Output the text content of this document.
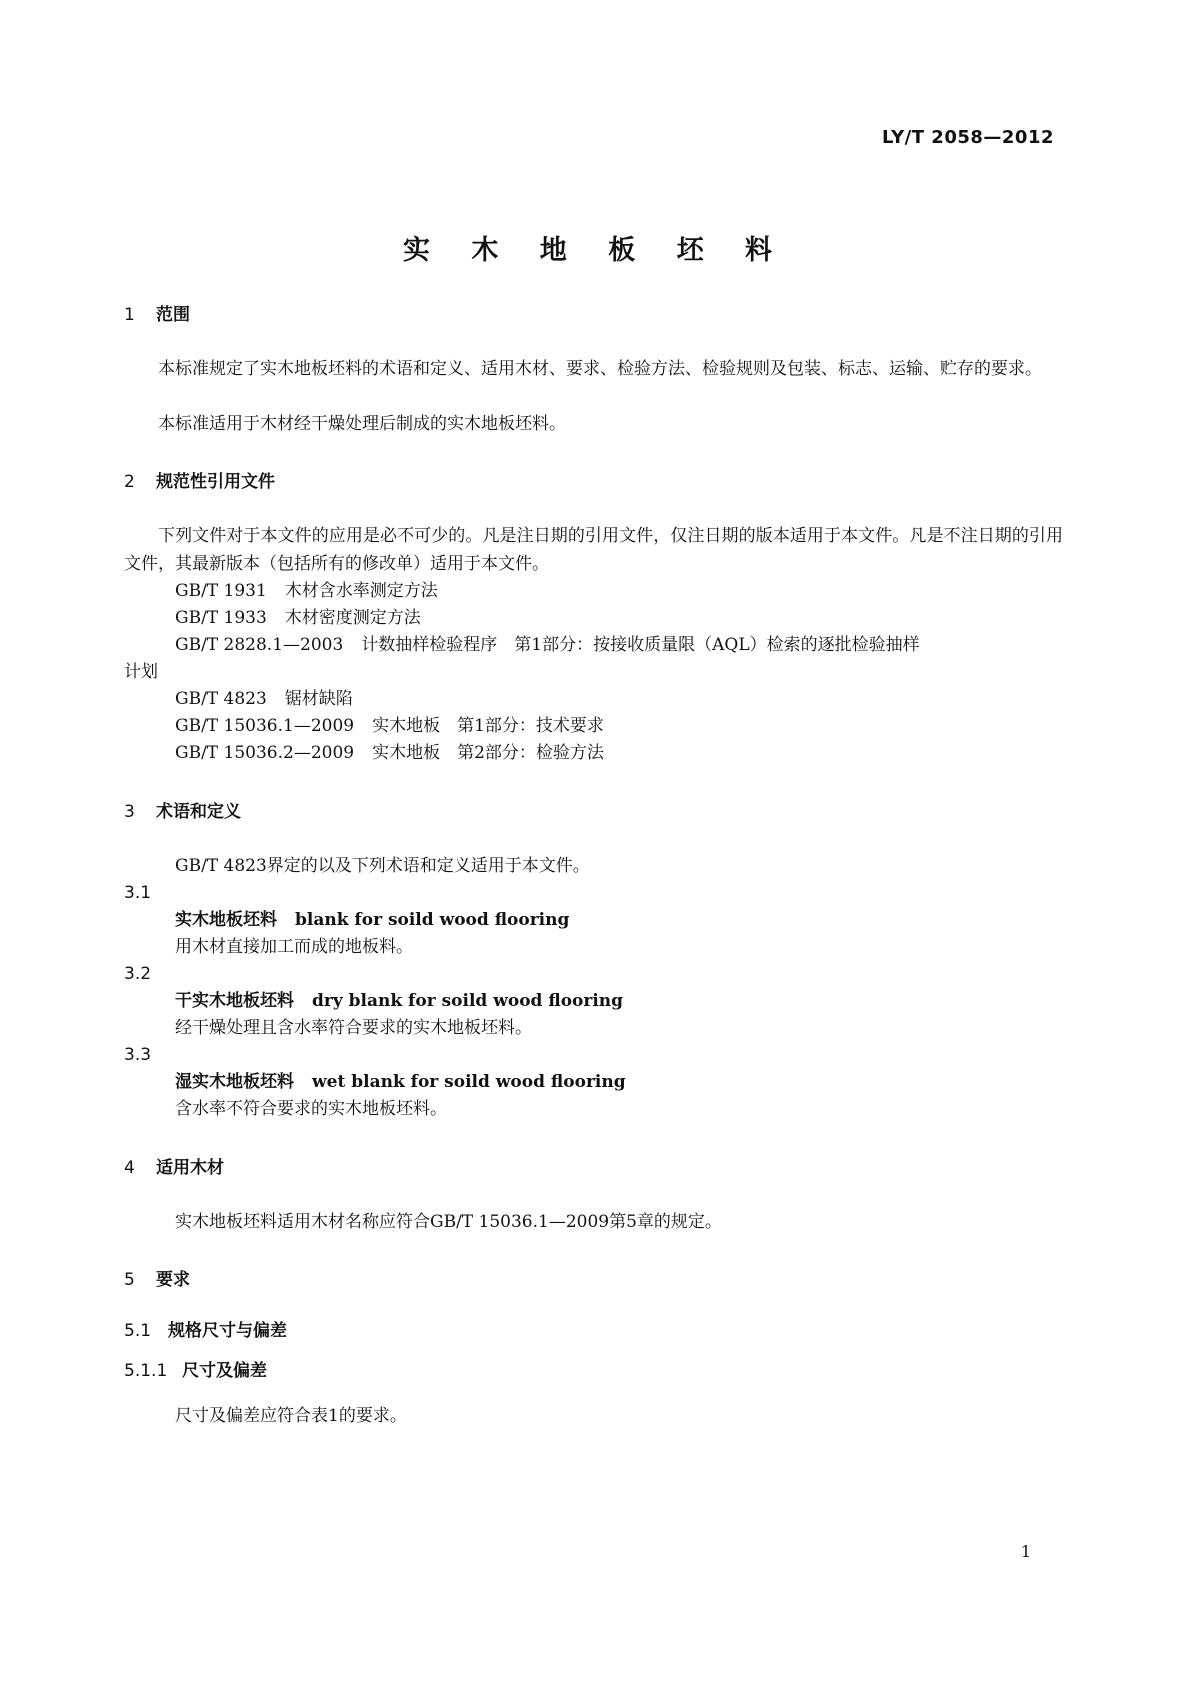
LY/T 2058—2012
实 木 地 板 坯 料
1 范围
本标准规定了实木地板坯料的术语和定义、适用木材、要求、检验方法、检验规则及包装、标志、运输、贮存的要求。
本标准适用于木材经干燥处理后制成的实木地板坯料。
2 规范性引用文件
下列文件对于本文件的应用是必不可少的。凡是注日期的引用文件，仅注日期的版本适用于本文件。凡是不注日期的引用文件，其最新版本（包括所有的修改单）适用于本文件。
GB/T 1931 木材含水率测定方法
GB/T 1933 木材密度测定方法
GB/T 2828.1—2003 计数抽样检验程序　第1部分：按接收质量限（AQL）检索的逐批检验抽样
计划
GB/T 4823 锯材缺陷
GB/T 15036.1—2009 实木地板　第1部分：技术要求
GB/T 15036.2—2009 实木地板　第2部分：检验方法
3 术语和定义
GB/T 4823界定的以及下列术语和定义适用于本文件。
3.1
实木地板坯料 blank for soild wood flooring
用木材直接加工而成的地板料。
3.2
干实木地板坯料 dry blank for soild wood flooring
经干燥处理且含水率符合要求的实木地板坯料。
3.3
湿实木地板坯料 wet blank for soild wood flooring
含水率不符合要求的实木地板坯料。
4 适用木材
实木地板坯料适用木材名称应符合GB/T 15036.1—2009第5章的规定。
5 要求
5.1 规格尺寸与偏差
5.1.1 尺寸及偏差
尺寸及偏差应符合表1的要求。
1
